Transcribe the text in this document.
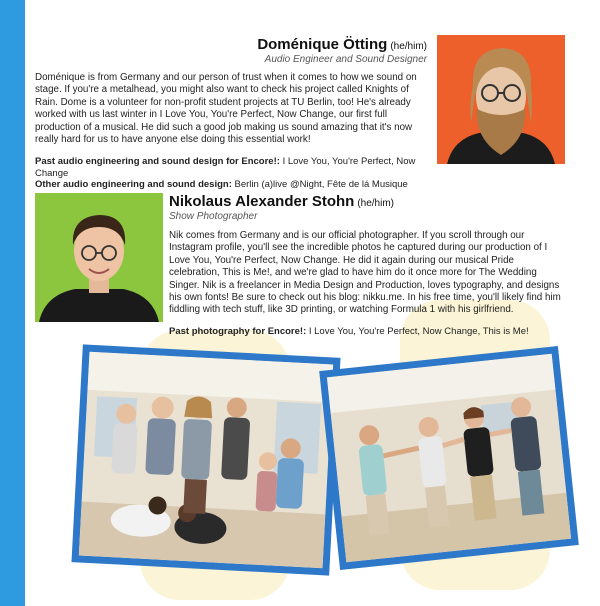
Doménique Ötting (he/him)
Audio Engineer and Sound Designer
Doménique is from Germany and our person of trust when it comes to how we sound on stage. If you're a metalhead, you might also want to check his project called Knights of Rain. Dome is a volunteer for non-profit student projects at TU Berlin, too! He's already worked with us last winter in I Love You, You're Perfect, Now Change, our first full production of a musical. He did such a good job making us sound amazing that it's now really hard for us to have anyone else doing this essential work!
Past audio engineering and sound design for Encore!: I Love You, You're Perfect, Now Change
Other audio engineering and sound design: Berlin (a)live @Night, Fête de lá Musique
Nikolaus Alexander Stohn (he/him)
Show Photographer
Nik comes from Germany and is our official photographer. If you scroll through our Instagram profile, you'll see the incredible photos he captured during our production of I Love You, You're Perfect, Now Change. He did it again during our musical Pride celebration, This is Me!, and we're glad to have him do it once more for The Wedding Singer. Nik is a freelancer in Media Design and Production, loves typography, and designs his own fonts! Be sure to check out his blog: nikku.me. In his free time, you'll likely find him fiddling with tech stuff, like 3D printing, or watching Formula 1 with his girlfriend.
Past photography for Encore!: I Love You, You're Perfect, Now Change, This is Me!
